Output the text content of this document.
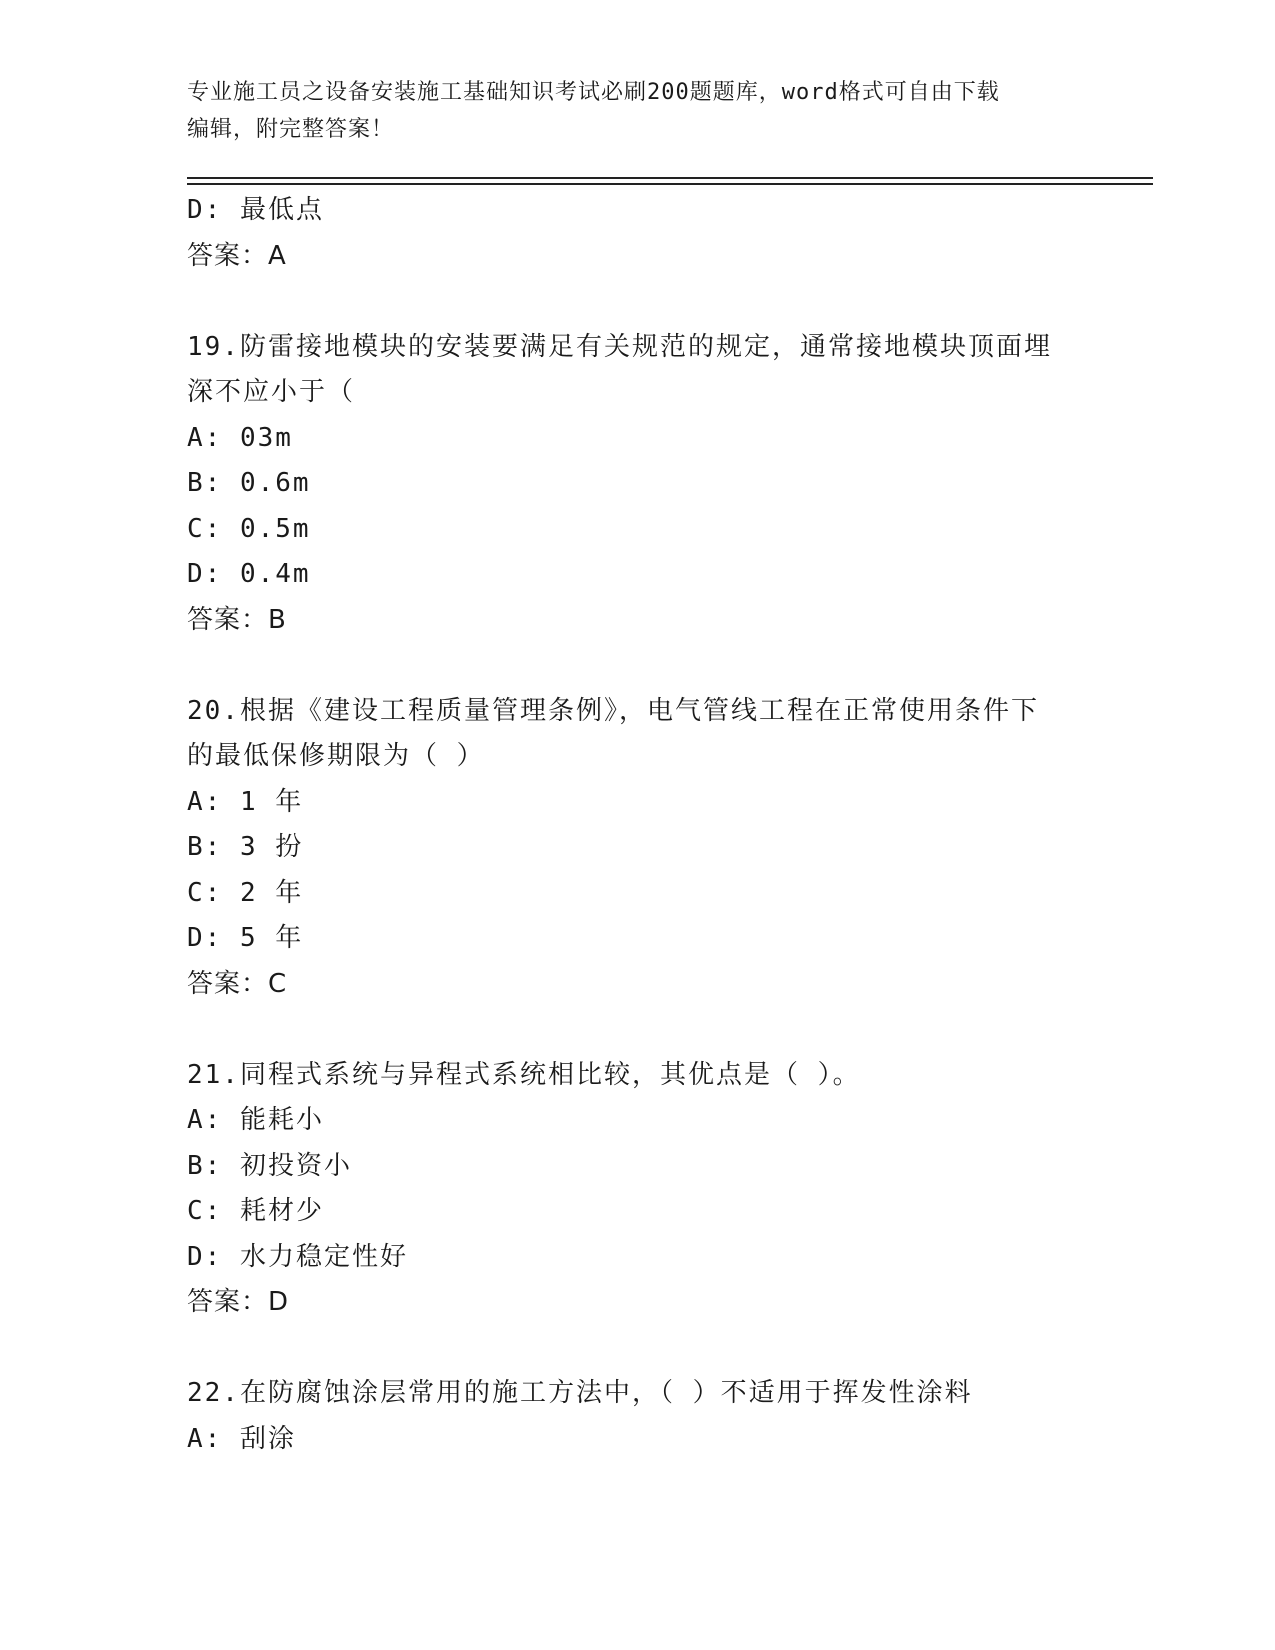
专业施工员之设备安装施工基础知识考试必刷200题题库，word格式可自由下载
编辑，附完整答案！
D: 最低点
答案：A
19.防雷接地模块的安装要满足有关规范的规定，通常接地模块顶面埋
深不应小于（
A: 03m
B: 0.6m
C: 0.5m
D: 0.4m
答案：B
20.根据《建设工程质量管理条例》，电气管线工程在正常使用条件下
的最低保修期限为（ ）
A: 1 年
B: 3 扮
C: 2 年
D: 5 年
答案：C
21.同程式系统与异程式系统相比较，其优点是（ ）。
A: 能耗小
B: 初投资小
C: 耗材少
D: 水力稳定性好
答案：D
22.在防腐蚀涂层常用的施工方法中，（ ）不适用于挥发性涂料
A: 刮涂
